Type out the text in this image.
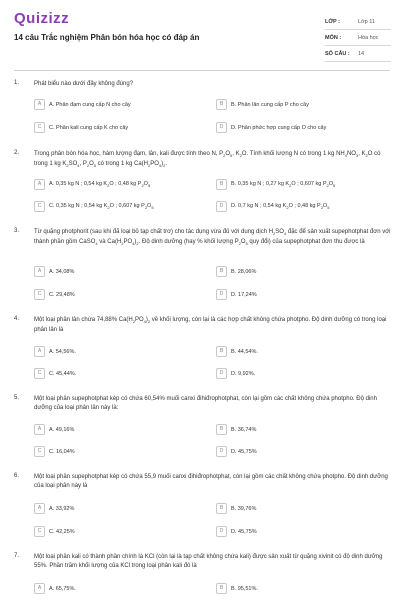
Quizizz
14 câu Trắc nghiệm Phân bón hóa học có đáp án
LỚP :	Lớp 11
MÔN :	Hóa học
SỐ CÂU :	14
1.	Phát biểu nào dưới đây không đúng?
A	A. Phân đạm cung cấp N cho cây	B	B. Phân lân cung cấp P cho cây
C	C. Phân kali cung cấp K cho cây	D	D. Phân phức hợp cung cấp O cho cây
2.	Trong phân bón hóa học, hàm lượng đạm, lân, kali được tính theo N, $P_2O_5$, $K_2O$. Tính khối lượng N có trong 1 kg $NH_4NO_3$, $K_2O$ có trong 1 kg $K_2SO_4$, $P_2O_5$ có trong 1 kg $Ca(H_2PO_4)_2$.
A	A. 0,35 kg N ; 0,54 kg $K_2O$ ; 0,48 kg $P_2O_5$	B	B. 0,35 kg N ; 0,27 kg $K_2O$ ; 0,607 kg $P_2O_5$
C	C. 0,35 kg N ; 0,54 kg $K_2O$ ; 0,607 kg $P_2O_5$	D	D. 0,7 kg N ; 0,54 kg $K_2O$ ; 0,48 kg $P_2O_5$
3.	Từ quặng photphorit (sau khi đã loại bỏ tạp chất trơ) cho tác dụng vừa đủ với dung dịch $H_2SO_4$ đặc để sản xuất supephotphat đơn với thành phần gồm CaSO$_4$ và $Ca(H_2PO_4)_2$. Độ dinh dưỡng (hay % khối lượng $P_2O_5$ quy đổi) của supephotphat đơn thu được là
A	A. 34,08%	B	B. 28,06%
C	C. 29,48%	D	D. 17,24%
4.	Một loại phân lân chứa 74,88% $Ca(H_2PO_4)_2$ về khối lượng, còn lại là các hợp chất không chứa photpho. Độ dinh dưỡng có trong loại phân lân là
A	A. 54,56%.	B	B. 44,54%.
C	C. 45,44%.	D	D. 9,92%.
5.	Một loại phân supephotphat kép có chứa 60,54% muối canxi đihiđrophotphat, còn lại gồm các chất không chứa photpho. Độ dinh dưỡng của loại phân lân này là:
A	A. 49,16%	B	B. 36,74%
C	C. 16,04%	D	D. 45,75%
6.	Một loại phân supephotphat kép có chứa 55,9 muối canxi đihiđrophotphat, còn lại gồm các chất không chứa photpho. Độ dinh dưỡng của loại phân này là
A	A. 33,92%	B	B. 39,76%
C	C. 42,25%	D	D. 45,75%
7.	Một loại phân kali có thành phần chính là KCl (còn lại là tạp chất không chứa kali) được sản xuất từ quặng xivinit có độ dinh dưỡng 55%. Phần trăm khối lượng của KCl trong loại phân kali đó là
A	A. 65,75%.	B	B. 95,51%.
